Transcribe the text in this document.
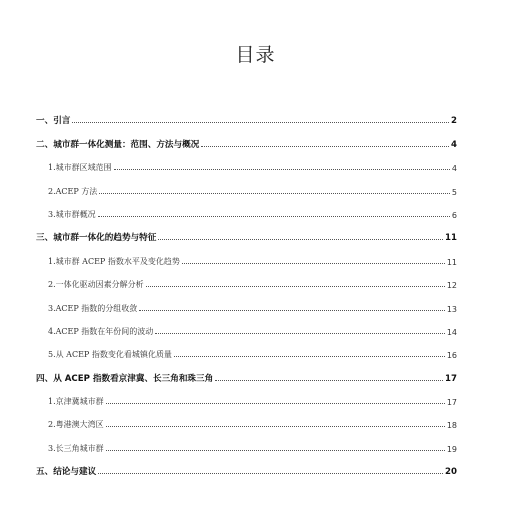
目录
一、引言	2
二、城市群一体化测量：范围、方法与概况	4
1.城市群区域范围	4
2.ACEP 方法	5
3.城市群概况	6
三、城市群一体化的趋势与特征	11
1.城市群 ACEP 指数水平及变化趋势	11
2.一体化驱动因素分解分析	12
3.ACEP 指数的分组收敛	13
4.ACEP 指数在年份间的波动	14
5.从 ACEP 指数变化看城镇化质量	16
四、从 ACEP 指数看京津冀、长三角和珠三角	17
1.京津冀城市群	17
2.粤港澳大湾区	18
3.长三角城市群	19
五、结论与建议	20
